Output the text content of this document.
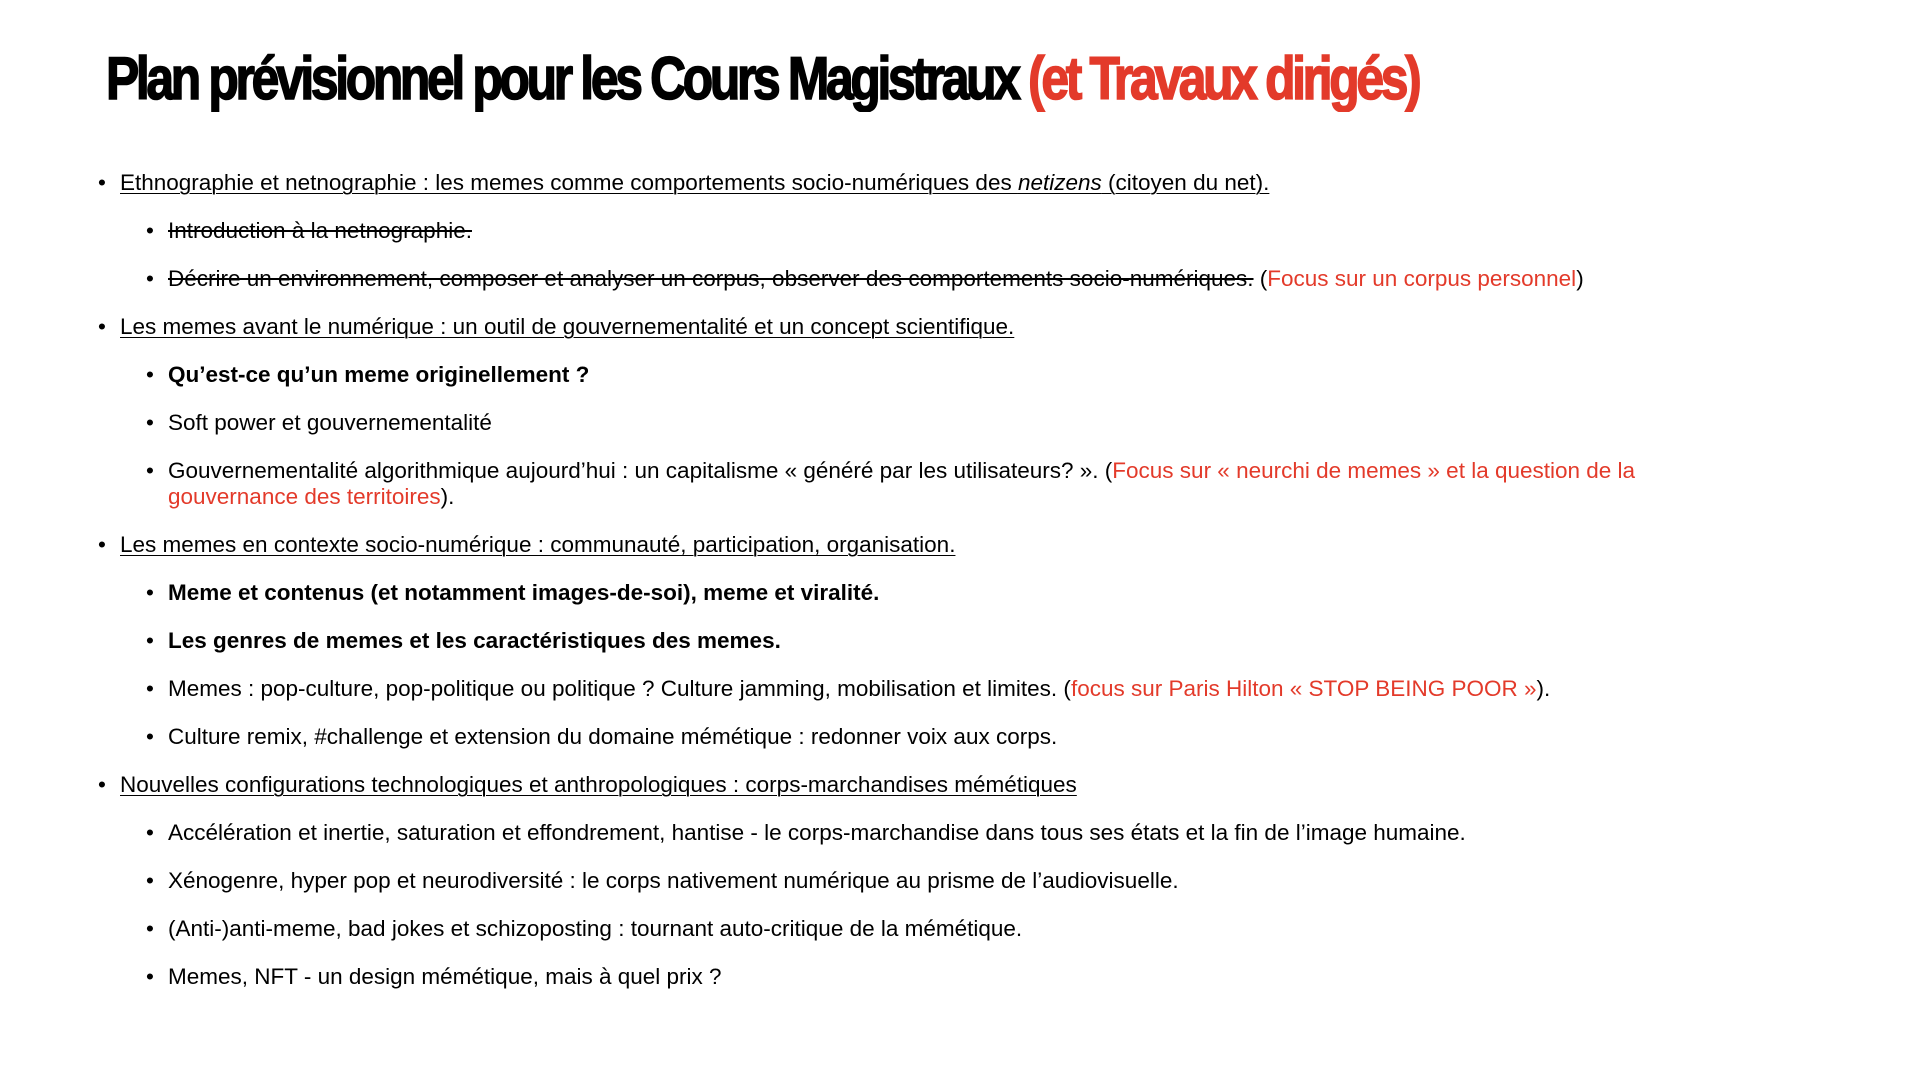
Plan prévisionnel pour les Cours Magistraux (et Travaux dirigés)
• Ethnographie et netnographie : les memes comme comportements socio-numériques des netizens (citoyen du net).
• Introduction à la netnographie.
• Décrire un environnement, composer et analyser un corpus, observer des comportements socio-numériques. (Focus sur un corpus personnel)
• Les memes avant le numérique : un outil de gouvernementalité et un concept scientifique.
• Qu’est-ce qu’un meme originellement ?
• Soft power et gouvernementalité
• Gouvernementalité algorithmique aujourd’hui : un capitalisme « généré par les utilisateurs? ». (Focus sur « neurchi de memes » et la question de la gouvernance des territoires).
• Les memes en contexte socio-numérique : communauté, participation, organisation.
• Meme et contenus (et notamment images-de-soi), meme et viralité.
• Les genres de memes et les caractéristiques des memes.
• Memes : pop-culture, pop-politique ou politique ? Culture jamming, mobilisation et limites. (focus sur Paris Hilton « STOP BEING POOR »).
• Culture remix, #challenge et extension du domaine mémétique : redonner voix aux corps.
• Nouvelles configurations technologiques et anthropologiques : corps-marchandises mémétiques
• Accélération et inertie, saturation et effondrement, hantise - le corps-marchandise dans tous ses états et la fin de l’image humaine.
• Xénogenre, hyper pop et neurodiversité : le corps nativement numérique au prisme de l’audiovisuelle.
• (Anti-)anti-meme, bad jokes et schizoposting : tournant auto-critique de la mémétique.
• Memes, NFT - un design mémétique, mais à quel prix ?
